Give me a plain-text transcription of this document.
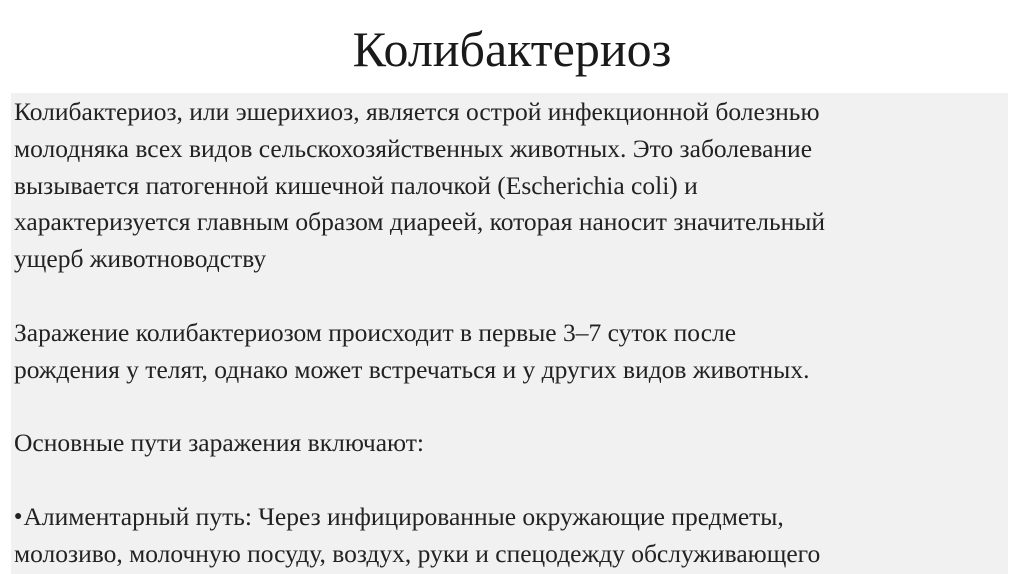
Колибактериоз
Колибактериоз, или эшерихиоз, является острой инфекционной болезнью
молодняка всех видов сельскохозяйственных животных. Это заболевание
вызывается патогенной кишечной палочкой (Escherichia coli) и
характеризуется главным образом диареей, которая наносит значительный
ущерб животноводству
Заражение колибактериозом происходит в первые 3–7 суток после
рождения у телят, однако может встречаться и у других видов животных.
Основные пути заражения включают:
●Алиментарный путь: Через инфицированные окружающие предметы,
молозиво, молочную посуду, воздух, руки и спецодежду обслуживающего
